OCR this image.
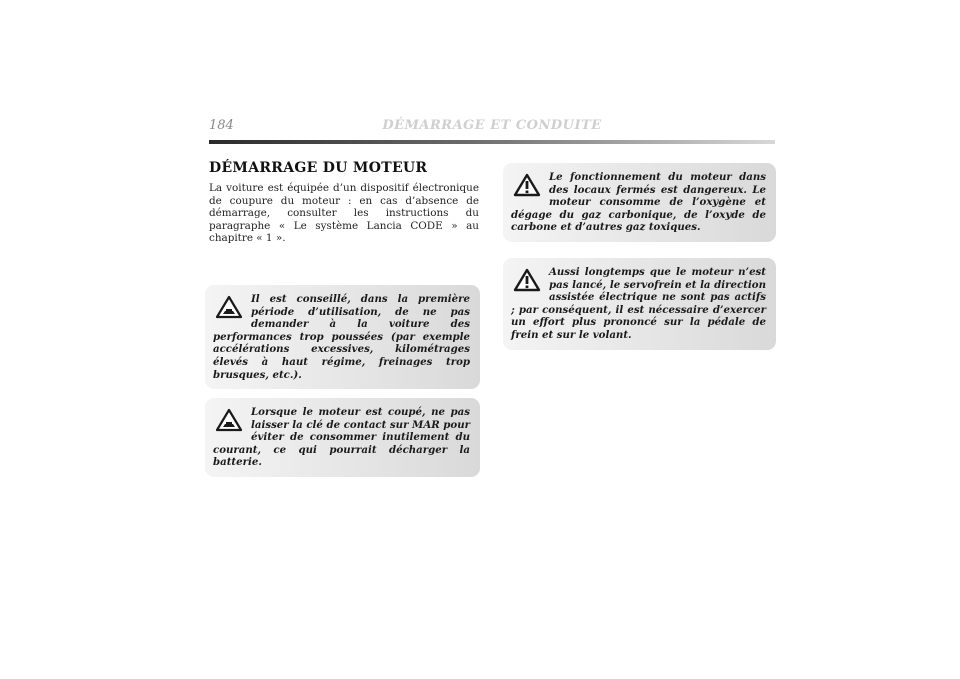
184	DÉMARRAGE ET CONDUITE
DÉMARRAGE DU MOTEUR

La voiture est équipée d’un dispositif électronique de coupure du moteur : en cas d’absence de démarrage, consulter les instructions du paragraphe « Le système Lancia CODE » au chapitre « 1 ».

Il est conseillé, dans la première période d’utilisation, de ne pas demander à la voiture des performances trop poussées (par exemple accélérations excessives, kilométrages élevés à haut régime, freinages trop brusques, etc.).
Lorsque le moteur est coupé, ne pas laisser la clé de contact sur MAR pour éviter de consommer inutilement du courant, ce qui pourrait décharger la batterie.
Le fonctionnement du moteur dans des locaux fermés est dangereux. Le moteur consomme de l’oxygène et dégage du gaz carbonique, de l’oxyde de carbone et d’autres gaz toxiques.
Aussi longtemps que le moteur n’est pas lancé, le servofrein et la direction assistée électrique ne sont pas actifs ; par conséquent, il est nécessaire d’exercer un effort plus prononcé sur la pédale de frein et sur le volant.
